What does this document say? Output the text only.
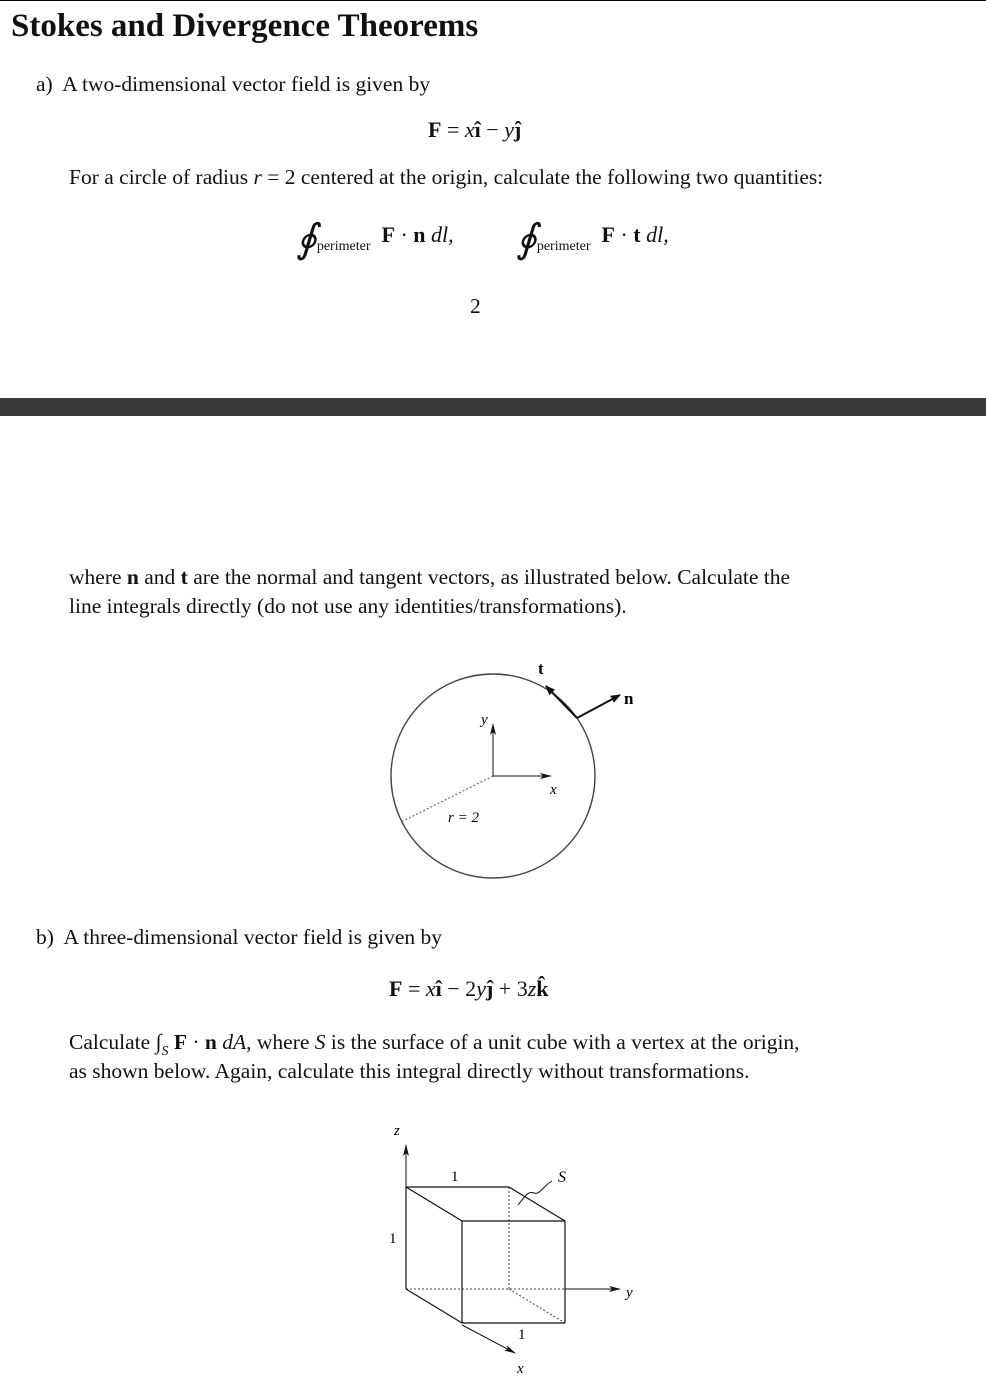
Stokes and Divergence Theorems
a) A two-dimensional vector field is given by
F = xî − yĵ
For a circle of radius r = 2 centered at the origin, calculate the following two quantities:
$∮_{perimeter}$ F · n dl, $∮_{perimeter}$ F · t dl,
2
where n and t are the normal and tangent vectors, as illustrated below. Calculate the
line integrals directly (do not use any identities/transformations).
t
n
y
x
r = 2
b) A three-dimensional vector field is given by
F = xî − 2yĵ + 3zk̂
Calculate $\int_S$ F · n dA, where S is the surface of a unit cube with a vertex at the origin,
as shown below. Again, calculate this integral directly without transformations.
S
z
y
x
1
1
1
